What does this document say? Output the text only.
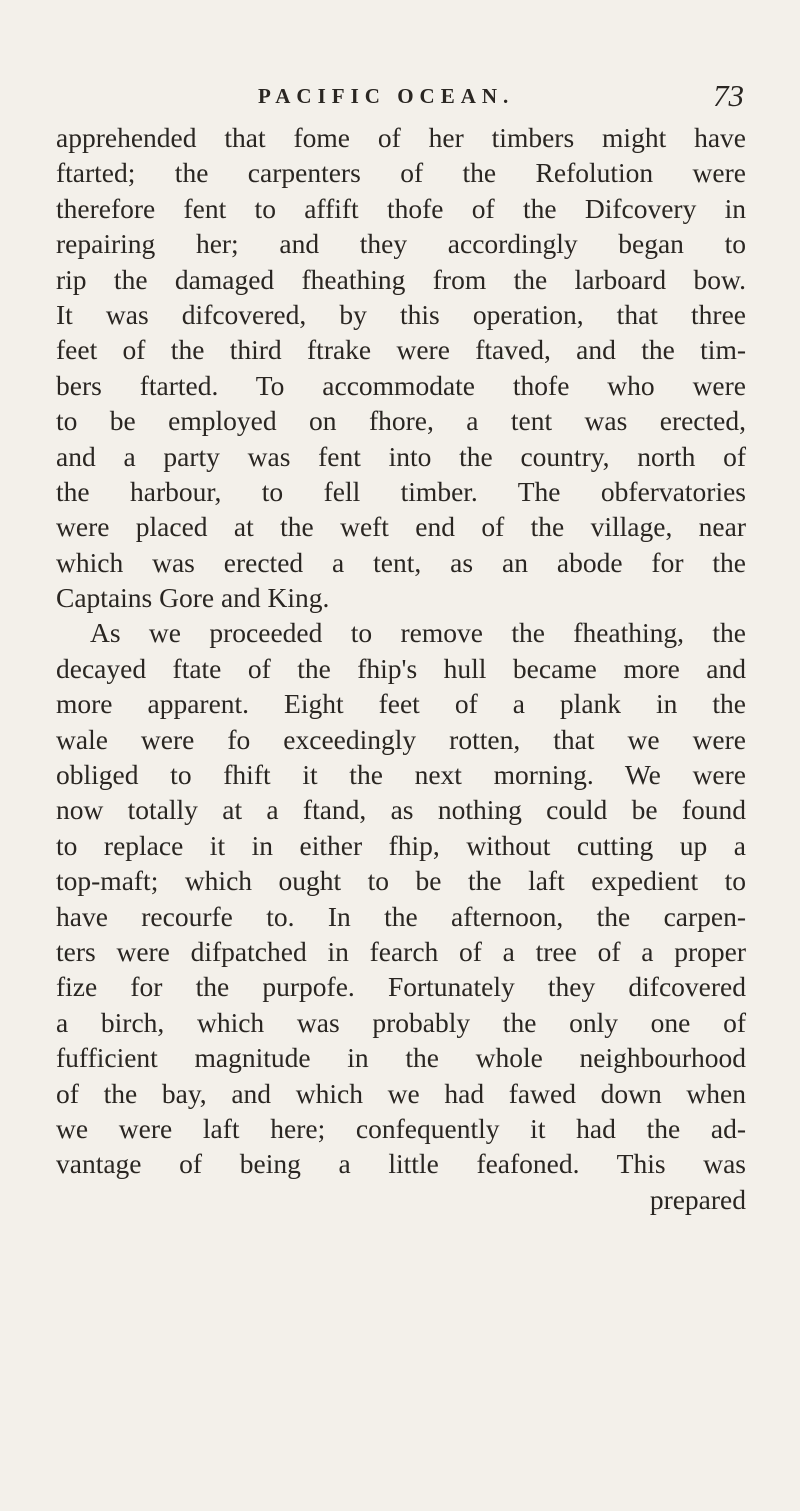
PACIFIC OCEAN.	73
apprehended that fome of her timbers might have
ftarted; the carpenters of the Refolution were
therefore fent to affift thofe of the Difcovery in
repairing her; and they accordingly began to
rip the damaged fheathing from the larboard bow.
It was difcovered, by this operation, that three
feet of the third ftrake were ftaved, and the tim-
bers ftarted. To accommodate thofe who were
to be employed on fhore, a tent was erected,
and a party was fent into the country, north of
the harbour, to fell timber. The obfervatories
were placed at the weft end of the village, near
which was erected a tent, as an abode for the
Captains Gore and King.
As we proceeded to remove the fheathing, the
decayed ftate of the fhip's hull became more and
more apparent. Eight feet of a plank in the
wale were fo exceedingly rotten, that we were
obliged to fhift it the next morning. We were
now totally at a ftand, as nothing could be found
to replace it in either fhip, without cutting up a
top-maft; which ought to be the laft expedient to
have recourfe to. In the afternoon, the carpen-
ters were difpatched in fearch of a tree of a proper
fize for the purpofe. Fortunately they difcovered
a birch, which was probably the only one of
fufficient magnitude in the whole neighbourhood
of the bay, and which we had fawed down when
we were laft here; confequently it had the ad-
vantage of being a little feafoned. This was
prepared
